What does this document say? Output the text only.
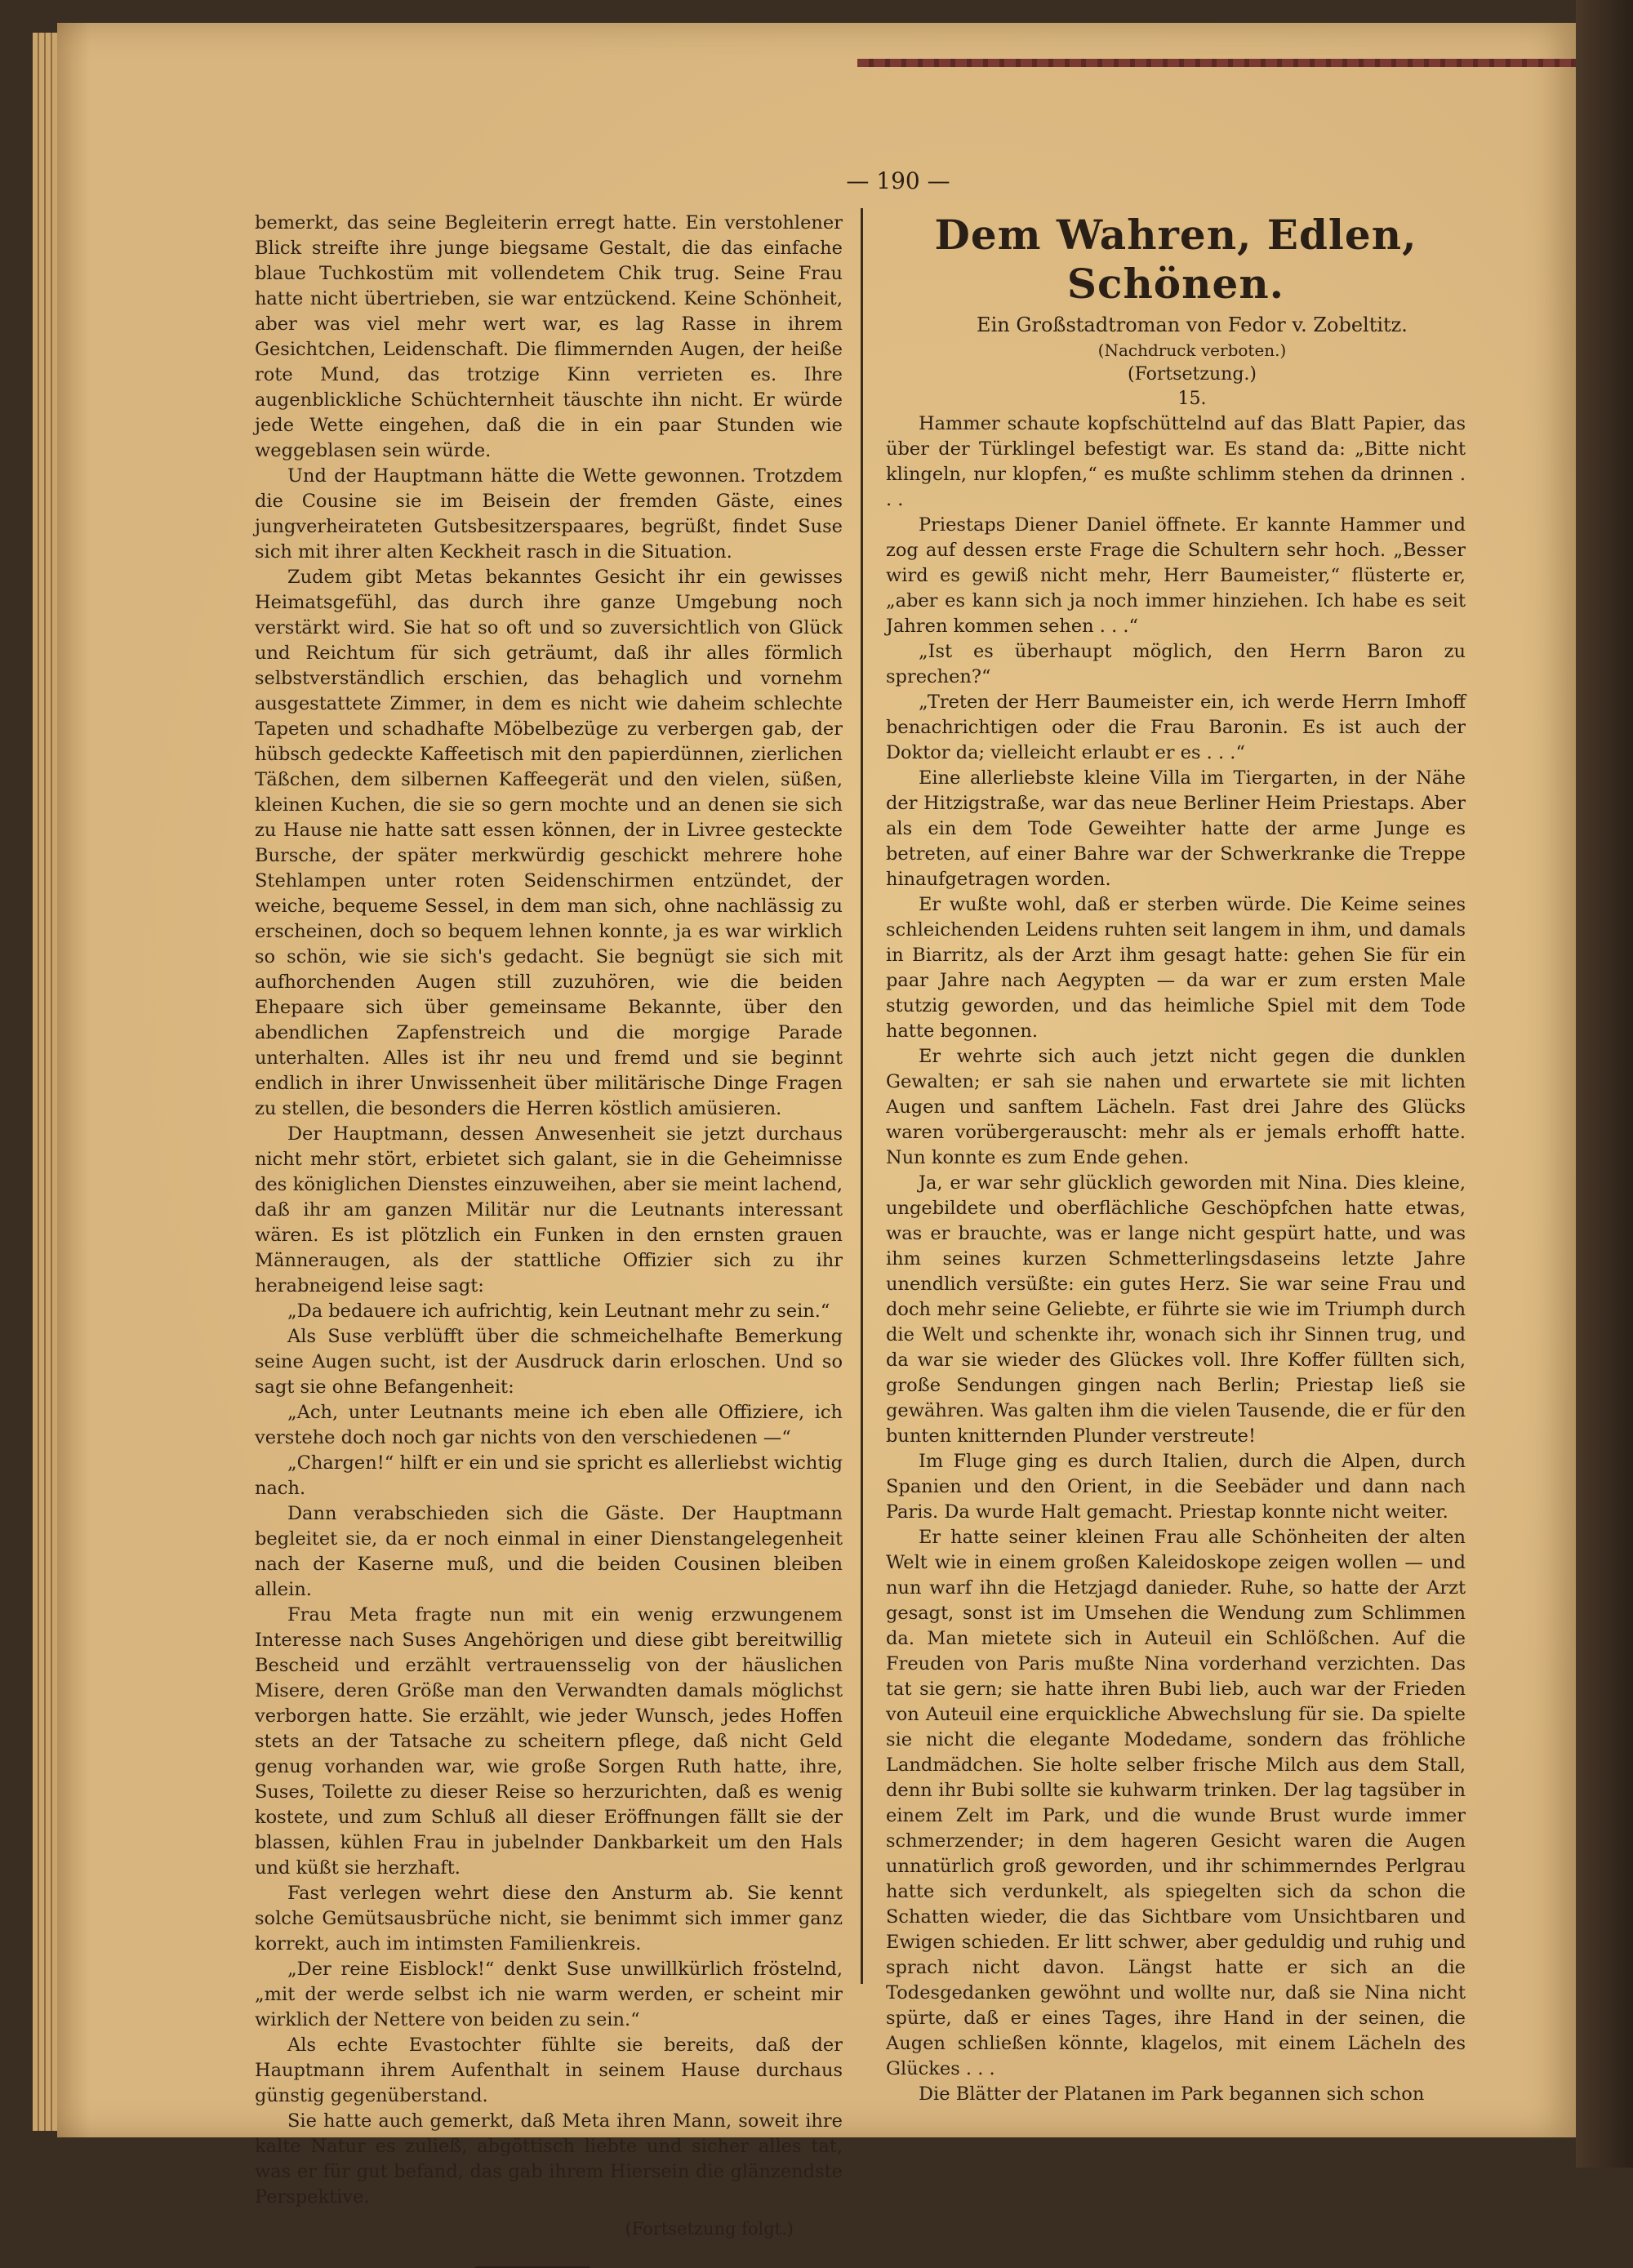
— 190 —

bemerkt, das seine Begleiterin erregt hatte. Ein verstohlener Blick streifte ihre junge biegsame Gestalt, die das einfache blaue Tuchkostüm mit vollendetem Chik trug. Seine Frau hatte nicht übertrieben, sie war entzückend. Keine Schönheit, aber was viel mehr wert war, es lag Rasse in ihrem Gesichtchen, Leidenschaft. Die flimmernden Augen, der heiße rote Mund, das trotzige Kinn verrieten es. Ihre augenblickliche Schüchternheit täuschte ihn nicht. Er würde jede Wette eingehen, daß die in ein paar Stunden wie weggeblasen sein würde.

Und der Hauptmann hätte die Wette gewonnen. Trotzdem die Cousine sie im Beisein der fremden Gäste, eines jungverheirateten Gutsbesitzerspaares, begrüßt, findet Suse sich mit ihrer alten Keckheit rasch in die Situation.

Zudem gibt Metas bekanntes Gesicht ihr ein gewisses Heimatsgefühl, das durch ihre ganze Umgebung noch verstärkt wird. Sie hat so oft und so zuversichtlich von Glück und Reichtum für sich geträumt, daß ihr alles förmlich selbstverständlich erschien, das behaglich und vornehm ausgestattete Zimmer, in dem es nicht wie daheim schlechte Tapeten und schadhafte Möbelbezüge zu verbergen gab, der hübsch gedeckte Kaffeetisch mit den papierdünnen, zierlichen Täßchen, dem silbernen Kaffeegerät und den vielen, süßen, kleinen Kuchen, die sie so gern mochte und an denen sie sich zu Hause nie hatte satt essen können, der in Livree gesteckte Bursche, der später merkwürdig geschickt mehrere hohe Stehlampen unter roten Seidenschirmen entzündet, der weiche, bequeme Sessel, in dem man sich, ohne nachlässig zu erscheinen, doch so bequem lehnen konnte, ja es war wirklich so schön, wie sie sich's gedacht. Sie begnügt sie sich mit aufhorchenden Augen still zuzuhören, wie die beiden Ehepaare sich über gemeinsame Bekannte, über den abendlichen Zapfenstreich und die morgige Parade unterhalten. Alles ist ihr neu und fremd und sie beginnt endlich in ihrer Unwissenheit über militärische Dinge Fragen zu stellen, die besonders die Herren köstlich amüsieren.

Der Hauptmann, dessen Anwesenheit sie jetzt durchaus nicht mehr stört, erbietet sich galant, sie in die Geheimnisse des königlichen Dienstes einzuweihen, aber sie meint lachend, daß ihr am ganzen Militär nur die Leutnants interessant wären. Es ist plötzlich ein Funken in den ernsten grauen Männeraugen, als der stattliche Offizier sich zu ihr herabneigend leise sagt:

„Da bedauere ich aufrichtig, kein Leutnant mehr zu sein.“

Als Suse verblüfft über die schmeichelhafte Bemerkung seine Augen sucht, ist der Ausdruck darin erloschen. Und so sagt sie ohne Befangenheit:

„Ach, unter Leutnants meine ich eben alle Offiziere, ich verstehe doch noch gar nichts von den verschiedenen —“

„Chargen!“ hilft er ein und sie spricht es allerliebst wichtig nach.

Dann verabschieden sich die Gäste. Der Hauptmann begleitet sie, da er noch einmal in einer Dienstangelegenheit nach der Kaserne muß, und die beiden Cousinen bleiben allein.

Frau Meta fragte nun mit ein wenig erzwungenem Interesse nach Suses Angehörigen und diese gibt bereitwillig Bescheid und erzählt vertrauensselig von der häuslichen Misere, deren Größe man den Verwandten damals möglichst verborgen hatte. Sie erzählt, wie jeder Wunsch, jedes Hoffen stets an der Tatsache zu scheitern pflege, daß nicht Geld genug vorhanden war, wie große Sorgen Ruth hatte, ihre, Suses, Toilette zu dieser Reise so herzurichten, daß es wenig kostete, und zum Schluß all dieser Eröffnungen fällt sie der blassen, kühlen Frau in jubelnder Dankbarkeit um den Hals und küßt sie herzhaft.

Fast verlegen wehrt diese den Ansturm ab. Sie kennt solche Gemütsausbrüche nicht, sie benimmt sich immer ganz korrekt, auch im intimsten Familienkreis.

„Der reine Eisblock!“ denkt Suse unwillkürlich fröstelnd, „mit der werde selbst ich nie warm werden, er scheint mir wirklich der Nettere von beiden zu sein.“

Als echte Evastochter fühlte sie bereits, daß der Hauptmann ihrem Aufenthalt in seinem Hause durchaus günstig gegenüberstand.

Sie hatte auch gemerkt, daß Meta ihren Mann, soweit ihre kalte Natur es zuließ, abgöttisch liebte und sicher alles tat, was er für gut befand, das gab ihrem Hiersein die glänzendste Perspektive.

(Fortsetzung folgt.)
Dem Wahren, Edlen, Schönen.

Ein Großstadtroman von Fedor v. Zobeltitz.

(Nachdruck verboten.)

(Fortsetzung.)

15.

Hammer schaute kopfschüttelnd auf das Blatt Papier, das über der Türklingel befestigt war. Es stand da: „Bitte nicht klingeln, nur klopfen,“ es mußte schlimm stehen da drinnen . . .

Priestaps Diener Daniel öffnete. Er kannte Hammer und zog auf dessen erste Frage die Schultern sehr hoch. „Besser wird es gewiß nicht mehr, Herr Baumeister,“ flüsterte er, „aber es kann sich ja noch immer hinziehen. Ich habe es seit Jahren kommen sehen . . .“

„Ist es überhaupt möglich, den Herrn Baron zu sprechen?“

„Treten der Herr Baumeister ein, ich werde Herrn Imhoff benachrichtigen oder die Frau Baronin. Es ist auch der Doktor da; vielleicht erlaubt er es . . .“

Eine allerliebste kleine Villa im Tiergarten, in der Nähe der Hitzigstraße, war das neue Berliner Heim Priestaps. Aber als ein dem Tode Geweihter hatte der arme Junge es betreten, auf einer Bahre war der Schwerkranke die Treppe hinaufgetragen worden.

Er wußte wohl, daß er sterben würde. Die Keime seines schleichenden Leidens ruhten seit langem in ihm, und damals in Biarritz, als der Arzt ihm gesagt hatte: gehen Sie für ein paar Jahre nach Aegypten — da war er zum ersten Male stutzig geworden, und das heimliche Spiel mit dem Tode hatte begonnen.

Er wehrte sich auch jetzt nicht gegen die dunklen Gewalten; er sah sie nahen und erwartete sie mit lichten Augen und sanftem Lächeln. Fast drei Jahre des Glücks waren vorübergerauscht: mehr als er jemals erhofft hatte. Nun konnte es zum Ende gehen.

Ja, er war sehr glücklich geworden mit Nina. Dies kleine, ungebildete und oberflächliche Geschöpfchen hatte etwas, was er brauchte, was er lange nicht gespürt hatte, und was ihm seines kurzen Schmetterlingsdaseins letzte Jahre unendlich versüßte: ein gutes Herz. Sie war seine Frau und doch mehr seine Geliebte, er führte sie wie im Triumph durch die Welt und schenkte ihr, wonach sich ihr Sinnen trug, und da war sie wieder des Glückes voll. Ihre Koffer füllten sich, große Sendungen gingen nach Berlin; Priestap ließ sie gewähren. Was galten ihm die vielen Tausende, die er für den bunten knitternden Plunder verstreute!

Im Fluge ging es durch Italien, durch die Alpen, durch Spanien und den Orient, in die Seebäder und dann nach Paris. Da wurde Halt gemacht. Priestap konnte nicht weiter.

Er hatte seiner kleinen Frau alle Schönheiten der alten Welt wie in einem großen Kaleidoskope zeigen wollen — und nun warf ihn die Hetzjagd danieder. Ruhe, so hatte der Arzt gesagt, sonst ist im Umsehen die Wendung zum Schlimmen da. Man mietete sich in Auteuil ein Schlößchen. Auf die Freuden von Paris mußte Nina vorderhand verzichten. Das tat sie gern; sie hatte ihren Bubi lieb, auch war der Frieden von Auteuil eine erquickliche Abwechslung für sie. Da spielte sie nicht die elegante Modedame, sondern das fröhliche Landmädchen. Sie holte selber frische Milch aus dem Stall, denn ihr Bubi sollte sie kuhwarm trinken. Der lag tagsüber in einem Zelt im Park, und die wunde Brust wurde immer schmerzender; in dem hageren Gesicht waren die Augen unnatürlich groß geworden, und ihr schimmerndes Perlgrau hatte sich verdunkelt, als spiegelten sich da schon die Schatten wieder, die das Sichtbare vom Unsichtbaren und Ewigen schieden. Er litt schwer, aber geduldig und ruhig und sprach nicht davon. Längst hatte er sich an die Todesgedanken gewöhnt und wollte nur, daß sie Nina nicht spürte, daß er eines Tages, ihre Hand in der seinen, die Augen schließen könnte, klagelos, mit einem Lächeln des Glückes . . .

Die Blätter der Platanen im Park begannen sich schon
